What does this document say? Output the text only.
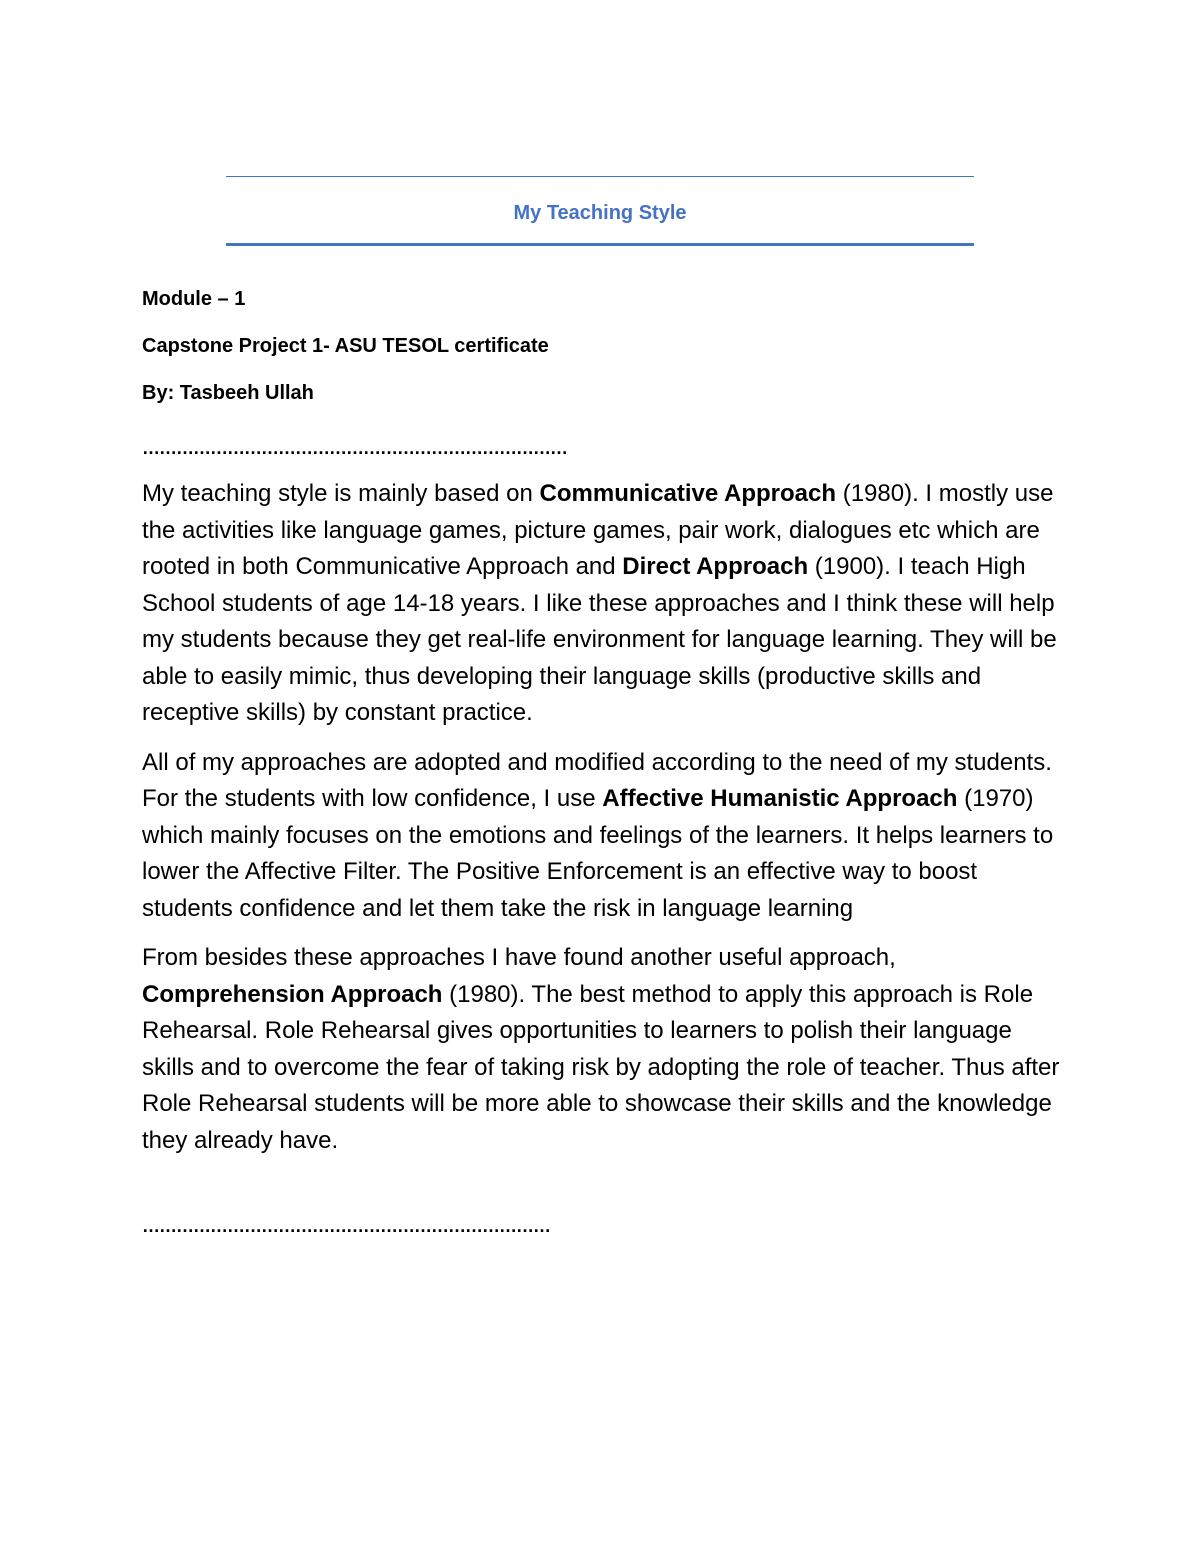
My Teaching Style
Module – 1
Capstone Project 1- ASU TESOL certificate
By: Tasbeeh Ullah
…………………………………………………………………

My teaching style is mainly based on Communicative Approach (1980). I mostly use the activities like language games, picture games, pair work, dialogues etc which are rooted in both Communicative Approach and Direct Approach (1900). I teach High School students of age 14-18 years. I like these approaches and I think these will help my students because they get real-life environment for language learning. They will be able to easily mimic, thus developing their language skills (productive skills and receptive skills) by constant practice.

All of my approaches are adopted and modified according to the need of my students. For the students with low confidence, I use Affective Humanistic Approach (1970) which mainly focuses on the emotions and feelings of the learners. It helps learners to lower the Affective Filter. The Positive Enforcement is an effective way to boost students confidence and let them take the risk in language learning

From besides these approaches I have found another useful approach, Comprehension Approach (1980). The best method to apply this approach is Role Rehearsal. Role Rehearsal gives opportunities to learners to polish their language skills and to overcome the fear of taking risk by adopting the role of teacher. Thus after Role Rehearsal students will be more able to showcase their skills and the knowledge they already have.

………………………………………………………………
